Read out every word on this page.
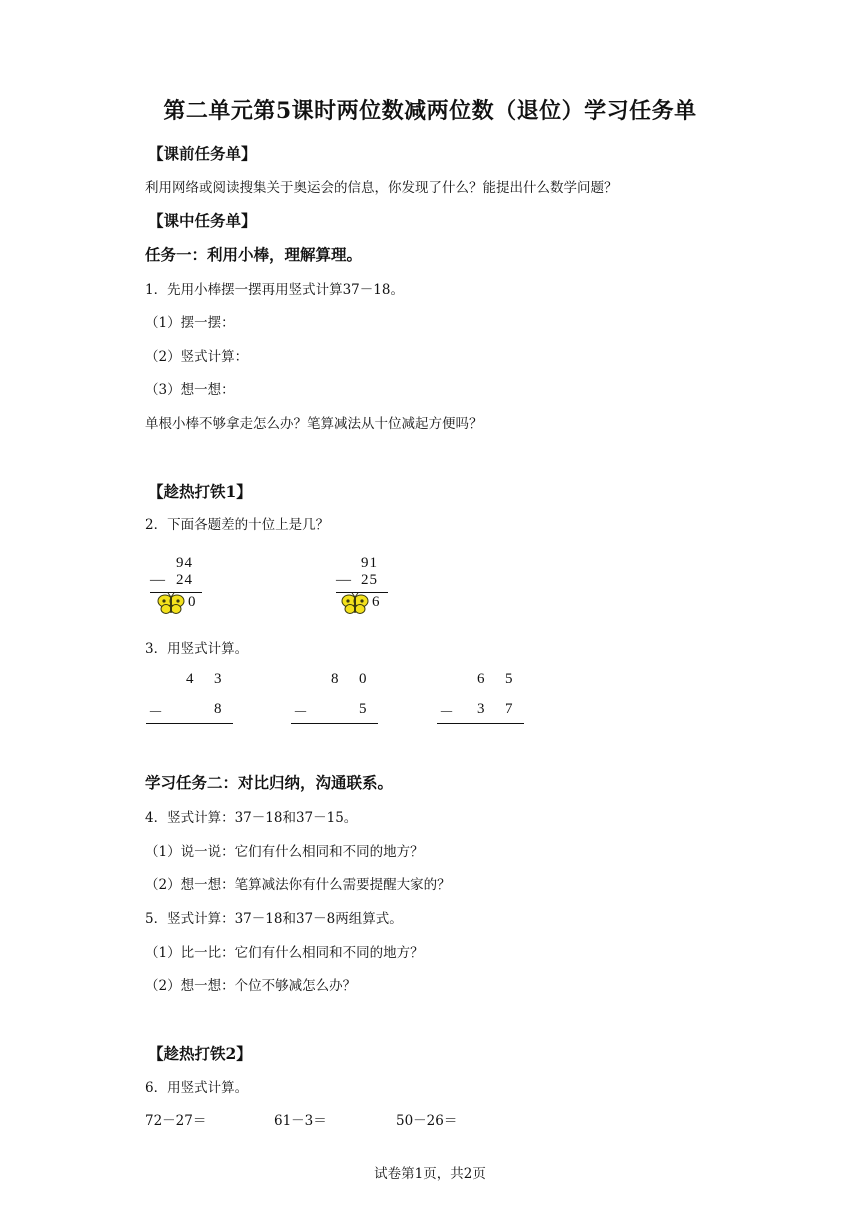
第二单元第5课时两位数减两位数（退位）学习任务单
【课前任务单】
利用网络或阅读搜集关于奥运会的信息，你发现了什么？能提出什么数学问题？
【课中任务单】
任务一：利用小棒，理解算理。
1．先用小棒摆一摆再用竖式计算37－18。
（1）摆一摆：
（2）竖式计算：
（3）想一想：
单根小棒不够拿走怎么办？笔算减法从十位减起方便吗？
【趁热打铁1】
2．下面各题差的十位上是几？
94
— 24
0
91
— 25
6
3．用竖式计算。
4 3
－	8
8 0
－	5
6 5
－ 3 7
学习任务二：对比归纳，沟通联系。
4．竖式计算：37－18和37－15。
（1）说一说：它们有什么相同和不同的地方？
（2）想一想：笔算减法你有什么需要提醒大家的？
5．竖式计算：37－18和37－8两组算式。
（1）比一比：它们有什么相同和不同的地方？
（2）想一想：个位不够减怎么办？
【趁热打铁2】
6．用竖式计算。
72－27＝	61－3＝	50－26＝
试卷第1页，共2页
